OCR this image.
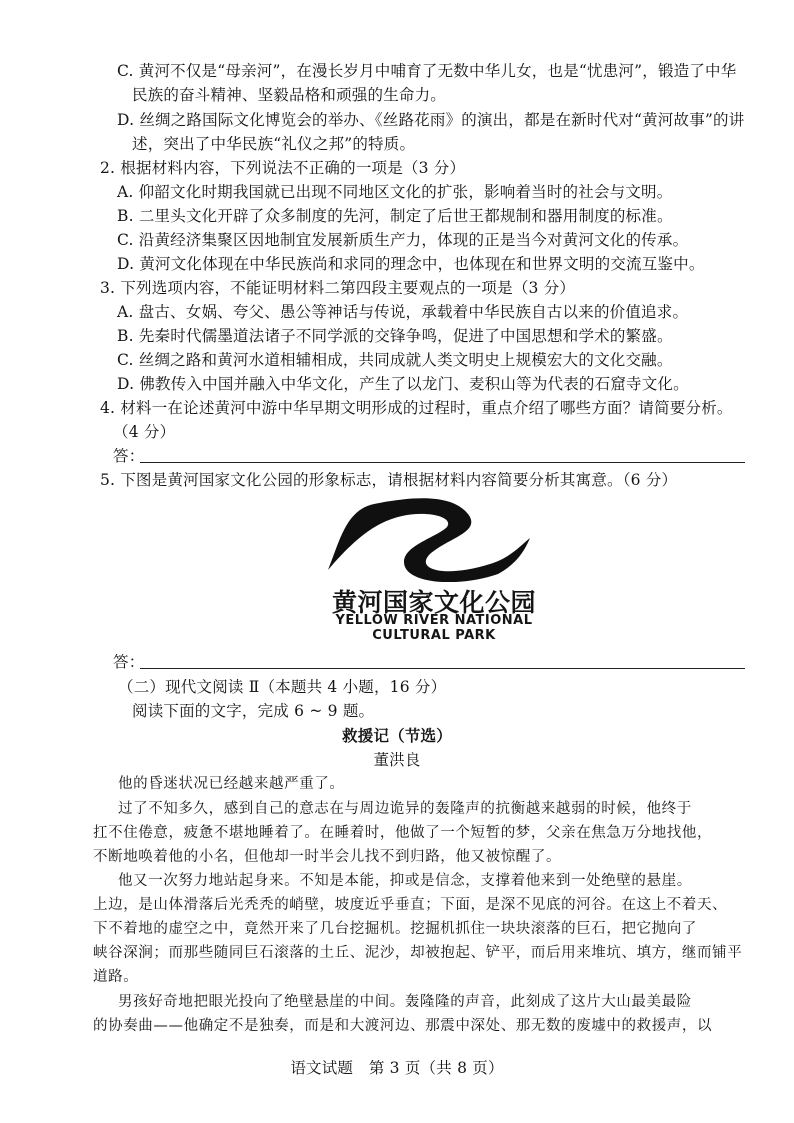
C. 黄河不仅是“母亲河”，在漫长岁月中哺育了无数中华儿女，也是“忧患河”，锻造了中华
民族的奋斗精神、坚毅品格和顽强的生命力。
D. 丝绸之路国际文化博览会的举办、《丝路花雨》的演出，都是在新时代对“黄河故事”的讲
述，突出了中华民族“礼仪之邦”的特质。
2. 根据材料内容，下列说法不正确的一项是（3 分）
A. 仰韶文化时期我国就已出现不同地区文化的扩张，影响着当时的社会与文明。
B. 二里头文化开辟了众多制度的先河，制定了后世王都规制和器用制度的标准。
C. 沿黄经济集聚区因地制宜发展新质生产力，体现的正是当今对黄河文化的传承。
D. 黄河文化体现在中华民族尚和求同的理念中，也体现在和世界文明的交流互鉴中。
3. 下列选项内容，不能证明材料二第四段主要观点的一项是（3 分）
A. 盘古、女娲、夸父、愚公等神话与传说，承载着中华民族自古以来的价值追求。
B. 先秦时代儒墨道法诸子不同学派的交锋争鸣，促进了中国思想和学术的繁盛。
C. 丝绸之路和黄河水道相辅相成，共同成就人类文明史上规模宏大的文化交融。
D. 佛教传入中国并融入中华文化，产生了以龙门、麦积山等为代表的石窟寺文化。
4. 材料一在论述黄河中游中华早期文明形成的过程时，重点介绍了哪些方面？请简要分析。
（4 分）
答：
5. 下图是黄河国家文化公园的形象标志，请根据材料内容简要分析其寓意。（6 分）
黄河国家文化公园
YELLOW RIVER NATIONAL
CULTURAL PARK
答：
（二）现代文阅读 Ⅱ（本题共 4 小题，16 分）
阅读下面的文字，完成 6 ~ 9 题。
救援记（节选）
董洪良
他的昏迷状况已经越来越严重了。
过了不知多久，感到自己的意志在与周边诡异的轰隆声的抗衡越来越弱的时候，他终于
扛不住倦意，疲惫不堪地睡着了。在睡着时，他做了一个短暂的梦，父亲在焦急万分地找他，
不断地唤着他的小名，但他却一时半会儿找不到归路，他又被惊醒了。
他又一次努力地站起身来。不知是本能，抑或是信念，支撑着他来到一处绝壁的悬崖。
上边，是山体滑落后光秃秃的峭壁，坡度近乎垂直；下面，是深不见底的河谷。在这上不着天、
下不着地的虚空之中，竟然开来了几台挖掘机。挖掘机抓住一块块滚落的巨石，把它抛向了
峡谷深涧；而那些随同巨石滚落的土丘、泥沙，却被抱起、铲平，而后用来堆坑、填方，继而铺平
道路。
男孩好奇地把眼光投向了绝壁悬崖的中间。轰隆隆的声音，此刻成了这片大山最美最险
的协奏曲——他确定不是独奏，而是和大渡河边、那震中深处、那无数的废墟中的救援声，以
语文试题　第 3 页（共 8 页）
